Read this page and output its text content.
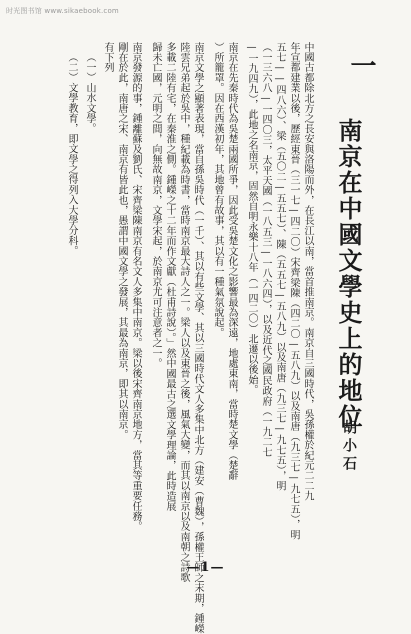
时光图书馆 www.sikaebook.com
一
南京在中國文學史上的地位
胡小石
中國古都除北方之長安與洛陽而外，在長江以南，當首推南京。南京自三國時代，吳孫權於紀元二二九
年宣都建業以後，歷經東晉（三一七—四二〇）宋齊梁陳（四二〇—五八九）以及南唐（九三七—九七五），明
五七——四八六）、梁（五〇二—五五七）、陳（五五七—五八九）以及南唐（九三七—九七五），明
（一三六八—一四〇三，太平天國（一八五三—一八六四），以及近代之國民政府（一九二七
—一九四九），此地之名南京，固然自明永樂十八年（一四二〇）北遷以後始。
南京在先秦時代為吳楚兩國所爭，因此受吳楚文化之影響最為深遠，地處東南，當時楚文學（楚辭
）所籠罩。因在西漢初年，其地曾有故事，其以有一種氣氛說起。
南京文學之顯著表現，當自孫吳時代（一千）、其以有些文學、其以三國時代文人多集中北方（建安（曹魏），孫權王師之末期，鍾嶸
陸雲兄弟起於吳中，種紀載為時書，當時南京最大詩人之一。梁人以及東晉之後，風氣大變，而其以南京以及南朝之詩歌
多載二陸有宅，在秦淮之側。鍾嶸之十二年而作文獻（杜甫詩說）。」然中國最古之選文學理論，此時造展
歸未亡國，元明之間，向無故南京，文學宋起，於南京尤可注意者之一。
南京發源的事，鍾離蘇及劉氏、宋齊梁陳南京有名文人多集中南京。梁以後宋齊南京地方，當其等重要任務。
剛在於此，南唐之宋、南京有皆此也，愚謂中國文學之發展，其最為南京，即其以南京。
有下列
（一）山水文學。
（二）文學教育，即文學之得列入大學分科。
—1—
